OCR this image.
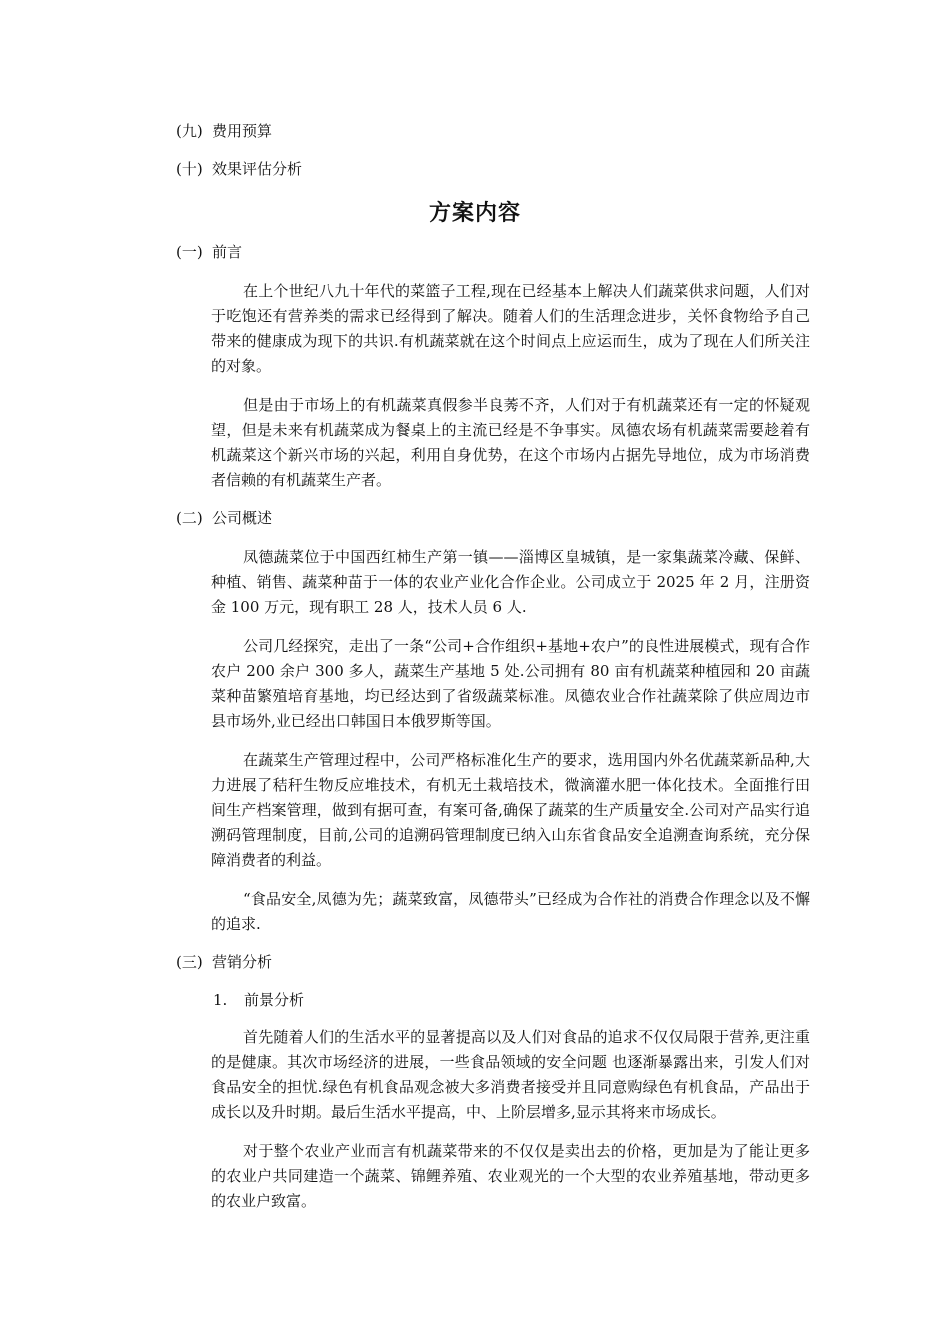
(九) 费用预算
(十) 效果评估分析
方案内容
(一) 前言

在上个世纪八九十年代的菜篮子工程,现在已经基本上解决人们蔬菜供求问题，人们对于吃饱还有营养类的需求已经得到了解决。随着人们的生活理念进步，关怀食物给予自己带来的健康成为现下的共识.有机蔬菜就在这个时间点上应运而生，成为了现在人们所关注的对象。

但是由于市场上的有机蔬菜真假参半良莠不齐，人们对于有机蔬菜还有一定的怀疑观望，但是未来有机蔬菜成为餐桌上的主流已经是不争事实。凤德农场有机蔬菜需要趁着有机蔬菜这个新兴市场的兴起，利用自身优势，在这个市场内占据先导地位，成为市场消费者信赖的有机蔬菜生产者。

(二) 公司概述

凤德蔬菜位于中国西红柿生产第一镇——淄博区皇城镇，是一家集蔬菜冷藏、保鲜、种植、销售、蔬菜种苗于一体的农业产业化合作企业。公司成立于 2025 年 2 月，注册资金 100 万元，现有职工 28 人，技术人员 6 人.

公司几经探究，走出了一条“公司+合作组织+基地+农户”的良性进展模式，现有合作农户 200 余户 300 多人，蔬菜生产基地 5 处.公司拥有 80 亩有机蔬菜种植园和 20 亩蔬菜种苗繁殖培育基地，均已经达到了省级蔬菜标准。凤德农业合作社蔬菜除了供应周边市县市场外,业已经出口韩国日本俄罗斯等国。

在蔬菜生产管理过程中，公司严格标准化生产的要求，选用国内外名优蔬菜新品种,大力进展了秸秆生物反应堆技术，有机无土栽培技术，微滴灌水肥一体化技术。全面推行田间生产档案管理，做到有据可查，有案可备,确保了蔬菜的生产质量安全.公司对产品实行追溯码管理制度，目前,公司的追溯码管理制度已纳入山东省食品安全追溯查询系统，充分保障消费者的利益。

“食品安全,凤德为先；蔬菜致富，凤德带头”已经成为合作社的消费合作理念以及不懈的追求.

(三) 营销分析
1.	前景分析

首先随着人们的生活水平的显著提高以及人们对食品的追求不仅仅局限于营养,更注重的是健康。其次市场经济的进展，一些食品领域的安全问题 也逐渐暴露出来，引发人们对食品安全的担忧.绿色有机食品观念被大多消费者接受并且同意购绿色有机食品，产品出于成长以及升时期。最后生活水平提高，中、上阶层增多,显示其将来市场成长。

对于整个农业产业而言有机蔬菜带来的不仅仅是卖出去的价格，更加是为了能让更多的农业户共同建造一个蔬菜、锦鲤养殖、农业观光的一个大型的农业养殖基地，带动更多的农业户致富。
